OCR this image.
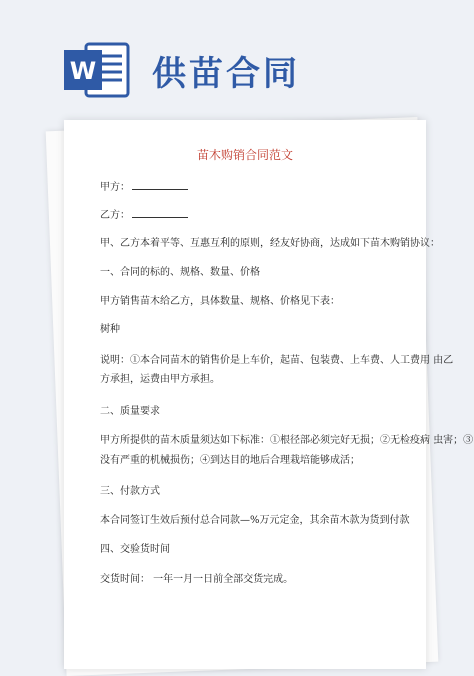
W 供苗合同
苗木购销合同范文
甲方：
乙方：
甲、乙方本着平等、互惠互利的原则，经友好协商，达成如下苗木购销协议：
一、合同的标的、规格、数量、价格
甲方销售苗木给乙方，具体数量、规格、价格见下表：
树种
说明：①本合同苗木的销售价是上车价，起苗、包装费、上车费、人工费用 由乙
方承担，运费由甲方承担。
二、质量要求
甲方所提供的苗木质量须达如下标准：①根径部必须完好无损；②无检疫病 虫害；③
没有严重的机械损伤；④到达目的地后合理栽培能够成活；
三、付款方式
本合同签订生效后预付总合同款—%万元定金，其余苗木款为货到付款
四、交验货时间
交货时间： 一年一月一日前全部交货完成。
